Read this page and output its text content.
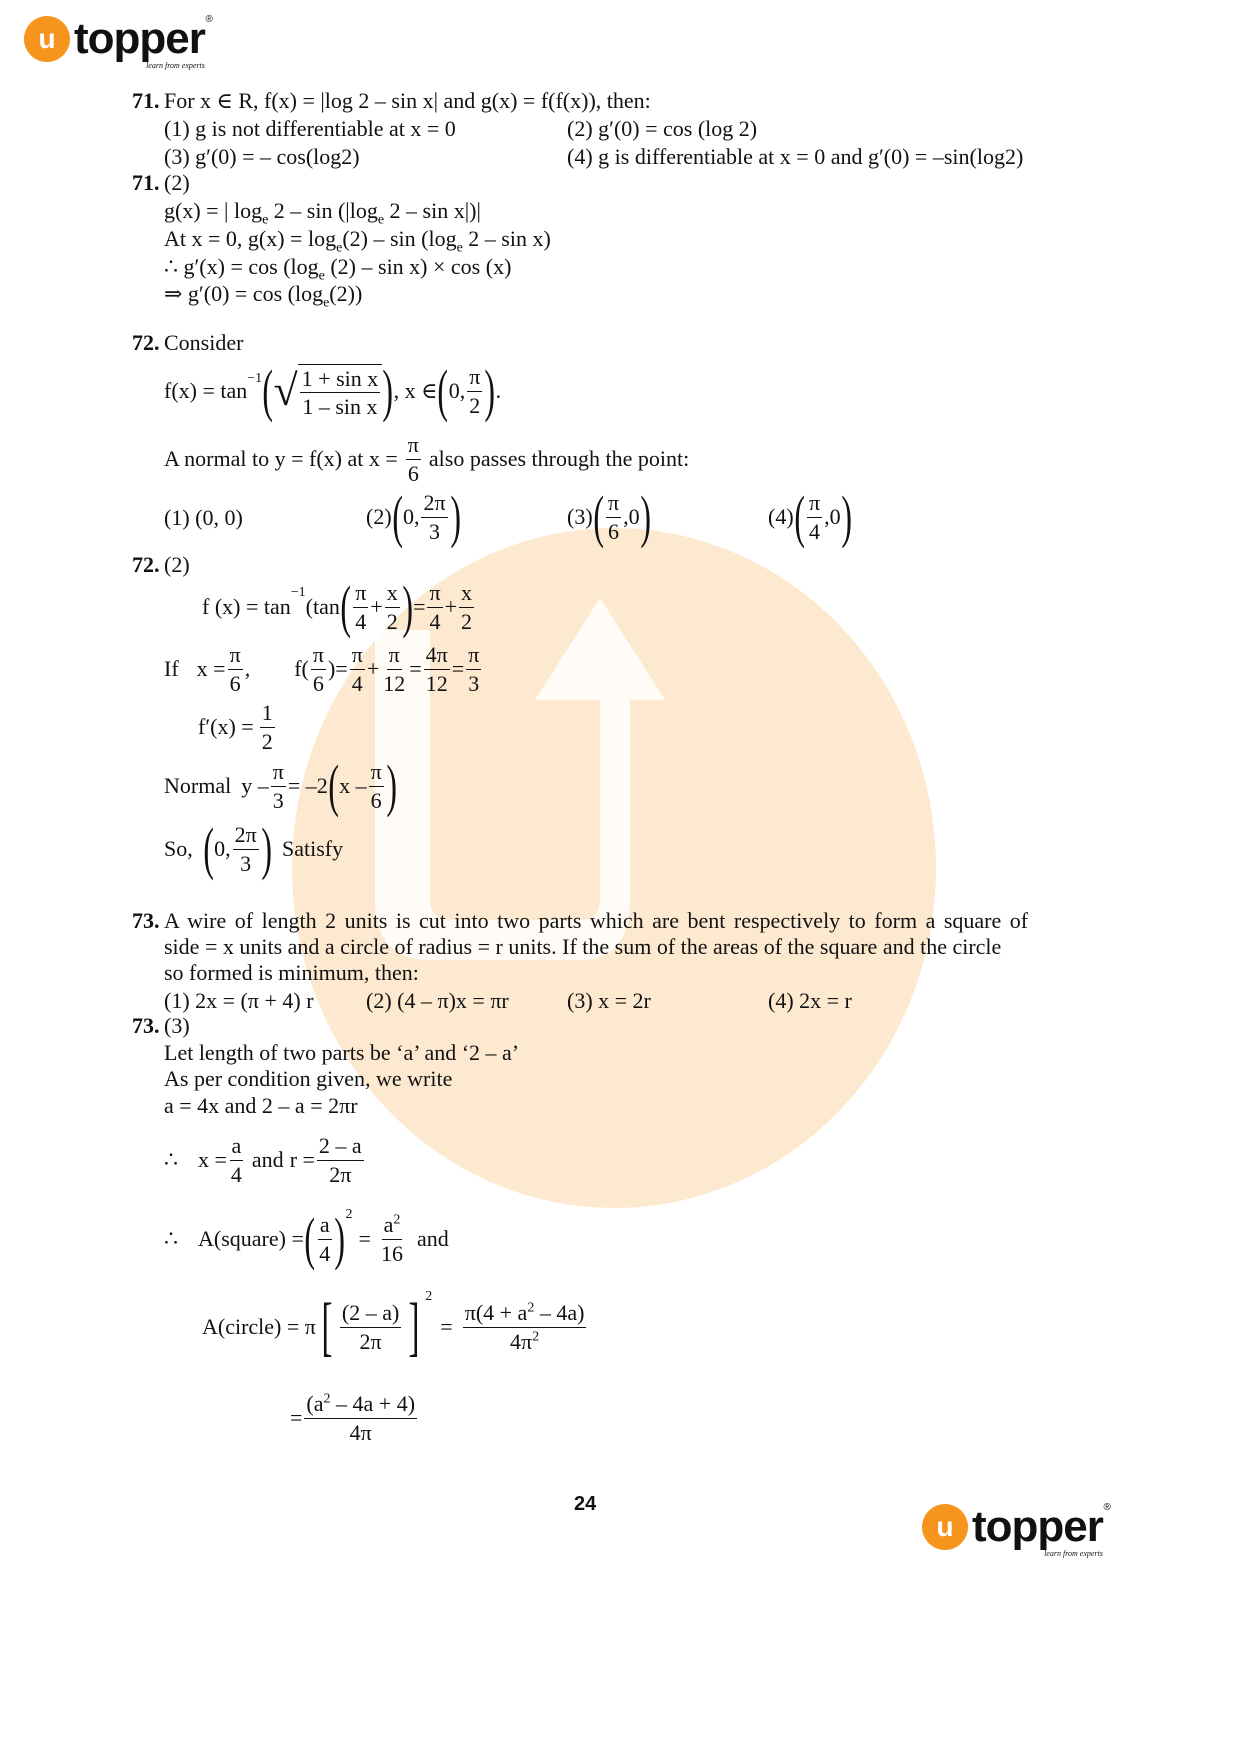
u topper ®
learn from experts
u topper ®
learn from experts
71. For x ∈ R, f(x) = |log 2 – sin x| and g(x) = f(f(x)), then:
(1) g is not differentiable at x = 0	(2) g′(0) = cos (log 2)
(3) g′(0) = – cos(log2)	(4) g is differentiable at x = 0 and g′(0) = –sin(log2)
71. (2)
g(x) = | $\log_e 2$ – $\sin (|\log_e$ 2 – sin x|)|
At x = 0, $g(x) = \log_e(2) - \sin (\log_e$ 2 – sin x)
∴ $g'(x) = \cos (\log_e$ (2) – sin x) × cos (x)
⇒ $g'(0) = \cos (\log_e(2))$
72. Consider
$f(x) = \tan^{-1}$ ( √ $\frac{\text{1 + sin x}}{\text{1 – sin x}}$ ) , x ∈ ( 0, $\frac{\pi}{2}$ ) .
A normal to y = f(x) at $x = \frac{\pi}{6}$ also passes through the point:
(1) (0, 0)	(2) ( 0, $\frac{2\pi}{3}$ )	(3) ( $\frac{\pi}{6} ,0$ )	(4) ( $\frac{\pi}{4} ,0$ )
72. (2)
f (x) = tan
$^{-1}$
(tan ( $\frac{\pi}{4} + \frac{x}{2}$ ) = $\frac{\pi}{4} + \frac{x}{2}$
If $x = \frac{\pi}{6}$ , $f( \frac{\pi}{6}$ ) = $\frac{\pi}{4} + \frac{\pi}{12} = \frac{4\pi}{12} = \frac{\pi}{3}$
$f'(x) = \frac{1}{2}$
Normal $y - \frac{\pi}{3} = -2$ ( x – $\frac{\pi}{6}$ )
So, ( 0, $\frac{2\pi}{3}$ ) Satisfy
73. A wire of length 2 units is cut into two parts which are bent respectively to form a square of
side = x units and a circle of radius = r units. If the sum of the areas of the square and the circle
so formed is minimum, then:
(1) 2x = (π + 4) r (2) (4 – π)x = πr	(3) x = 2r	(4) 2x = r
73. (3)
Let length of two parts be ‘a’ and ‘2 – a’
As per condition given, we write
a = 4x and 2 – a = 2πr
∴ $x = \frac{a}{4}$ and $r = \frac{2 - a}{2\pi}$
∴ A(square) = ( $\frac{a}{4} )^2$
= $\frac{a^2}{16}$ and
A(circle) = π [ $\frac{(2 - a)}{2\pi}$ ] $^2$
= $\frac{\pi(4 + a^2 - 4a)}{4\pi^2}$
= $\frac{(a^2 - 4a + 4)}{4\pi}$
24
